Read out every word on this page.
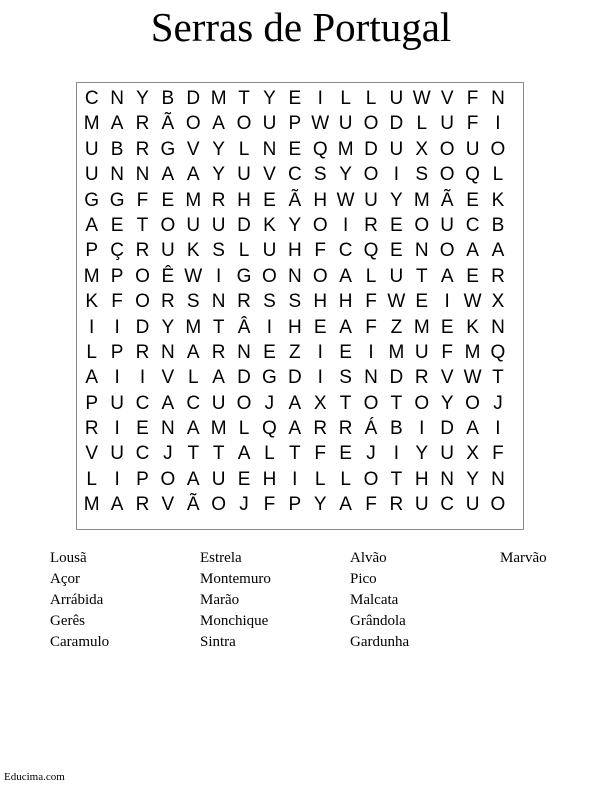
Serras de Portugal
C N Y B D M T Y E I L L U W V F N
M A R Ã O A O U P W U O D L U F I
U B R G V Y L N E Q M D U X O U O
U N N A A Y U V C S Y O I S O Q L
G G F E M R H E Ã H W U Y M Ã E K
A E T O U U D K Y O I R E O U C B
P Ç R U K S L U H F C Q E N O A A
M P O Ê W I G O N O A L U T A E R
K F O R S N R S S H H F W E I W X
I	I D Y M T Â I H E A F Z M E K N
L P R N A R N E Z I E I M U F M Q
A I	I V L A D G D I S N D R V W T
P U C A C U O J A X T O T O Y O J
R I E N A M L Q A R R Á B I D A I
V U C J T T A L T F E J I Y U X F
L I P O A U E H I L L O T H N Y N
M A R V Ã O J F P Y A F R U C U O
Lousã
Açor
Arrábida
Gerês
Caramulo
Estrela
Montemuro
Marão
Monchique
Sintra
Alvão
Pico
Malcata
Grândola
Gardunha
Marvão
Educima.com
